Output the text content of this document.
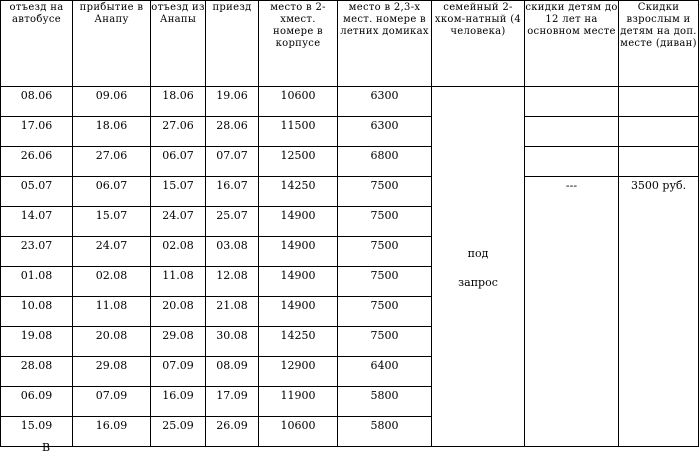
отъезд на автобусе	прибытие в Анапу	отъезд из Анапы	приезд	место в 2-хмест. номере в корпусе	место в 2,3-х мест. номере в летних домиках	семейный 2-хком-натный (4 человека)	скидки детям до 12 лет на основном месте	Скидки взрослым и детям на доп. месте (диван)
08.06	09.06	18.06	19.06	10600	6300	под
запрос		

17.06	18.06	27.06	28.06	11500	6300			
26.06	27.06	06.07	07.07	12500	6800			
05.07	06.07	15.07	16.07	14250	7500		---	3500 руб.
14.07	15.07	24.07	25.07	14900	7500			
23.07	24.07	02.08	03.08	14900	7500			
01.08	02.08	11.08	12.08	14900	7500			
10.08	11.08	20.08	21.08	14900	7500			
19.08	20.08	29.08	30.08	14250	7500			
28.08	29.08	07.09	08.09	12900	6400			
06.09	07.09	16.09	17.09	11900	5800			
15.09	16.09	25.09	26.09	10600	5800			
В
